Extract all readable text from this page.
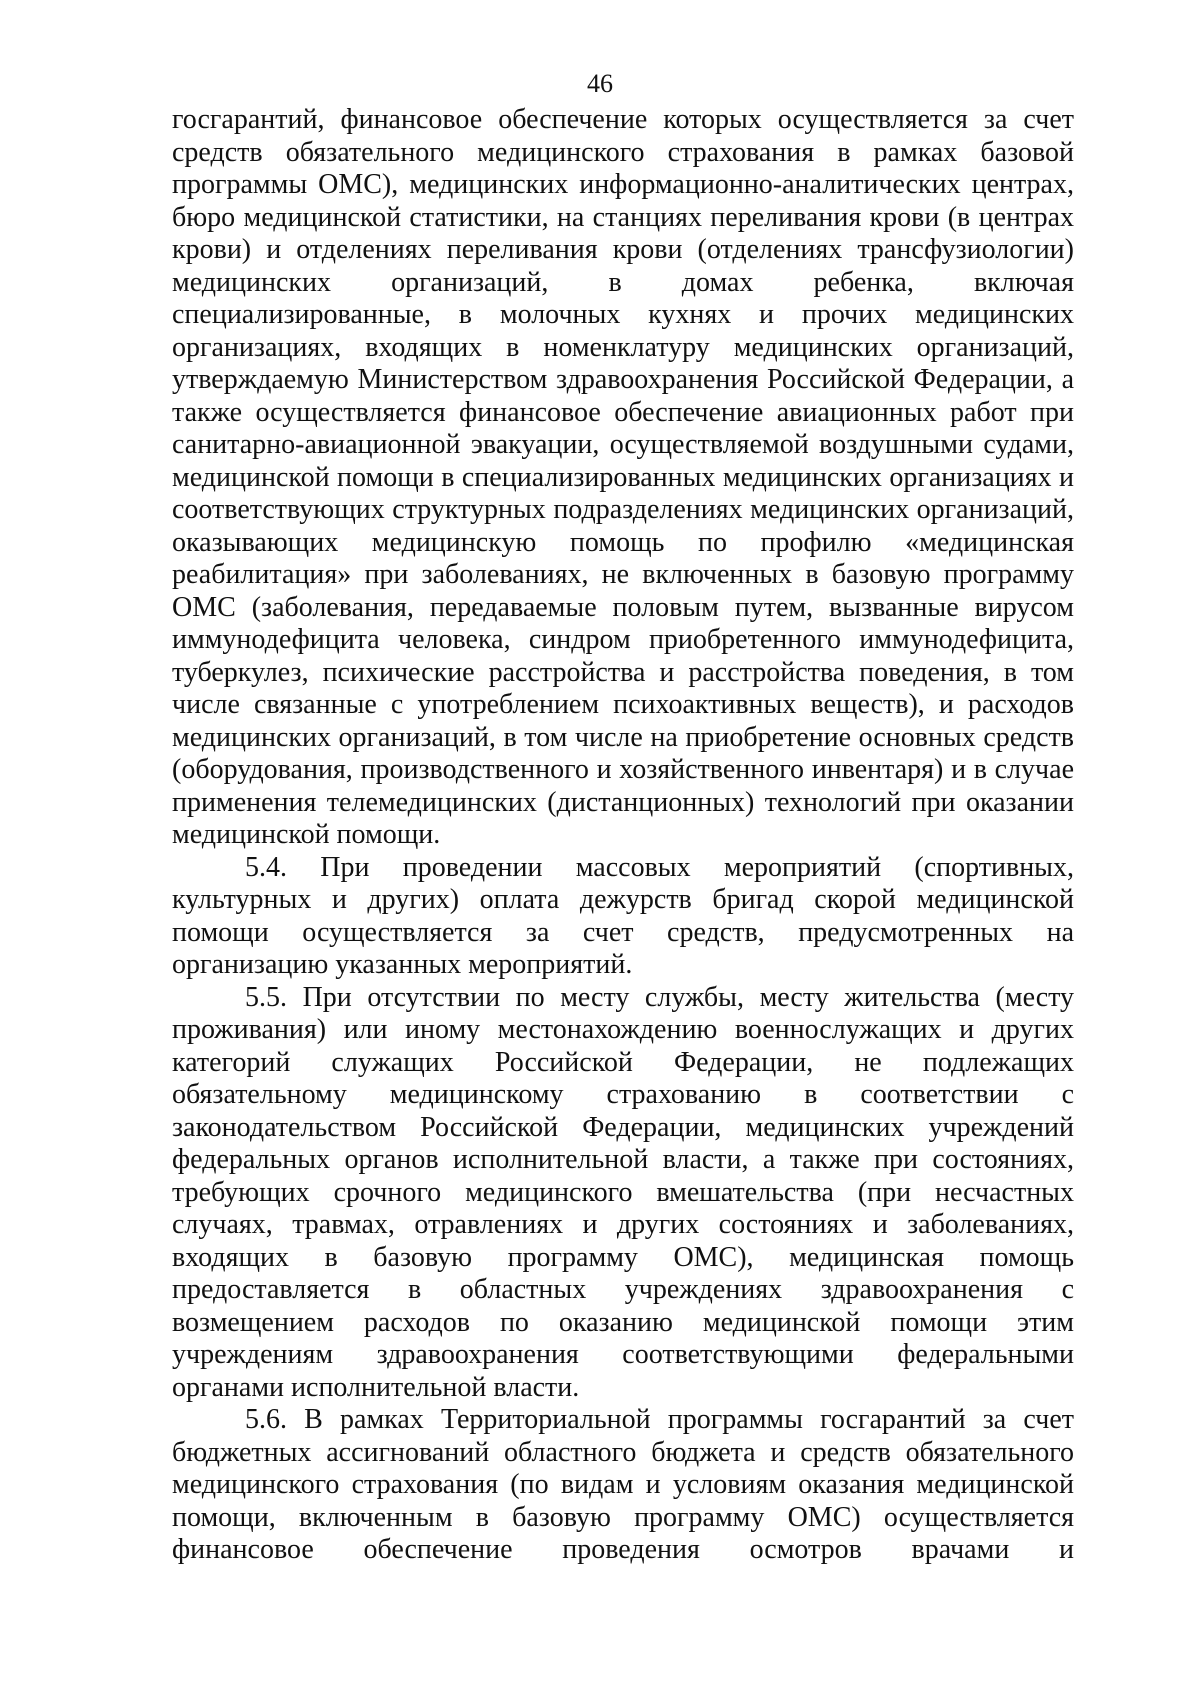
46

госгарантий, финансовое обеспечение которых осуществляется за счет средств обязательного медицинского страхования в рамках базовой программы ОМС), медицинских информационно-аналитических центрах, бюро медицинской статистики, на станциях переливания крови (в центрах крови) и отделениях переливания крови (отделениях трансфузиологии) медицинских организаций, в домах ребенка, включая специализированные, в молочных кухнях и прочих медицинских организациях, входящих в номенклатуру медицинских организаций, утверждаемую Министерством здравоохранения Российской Федерации, а также осуществляется финансовое обеспечение авиационных работ при санитарно-авиационной эвакуации, осуществляемой воздушными судами, медицинской помощи в специализированных медицинских организациях и соответствующих структурных подразделениях медицинских организаций, оказывающих медицинскую помощь по профилю «медицинская реабилитация» при заболеваниях, не включенных в базовую программу ОМС (заболевания, передаваемые половым путем, вызванные вирусом иммунодефицита человека, синдром приобретенного иммунодефицита, туберкулез, психические расстройства и расстройства поведения, в том числе связанные с употреблением психоактивных веществ), и расходов медицинских организаций, в том числе на приобретение основных средств (оборудования, производственного и хозяйственного инвентаря) и в случае применения телемедицинских (дистанционных) технологий при оказании медицинской помощи.

5.4. При проведении массовых мероприятий (спортивных, культурных и других) оплата дежурств бригад скорой медицинской помощи осуществляется за счет средств, предусмотренных на организацию указанных мероприятий.

5.5. При отсутствии по месту службы, месту жительства (месту проживания) или иному местонахождению военнослужащих и других категорий служащих Российской Федерации, не подлежащих обязательному медицинскому страхованию в соответствии с законодательством Российской Федерации, медицинских учреждений федеральных органов исполнительной власти, а также при состояниях, требующих срочного медицинского вмешательства (при несчастных случаях, травмах, отравлениях и других состояниях и заболеваниях, входящих в базовую программу ОМС), медицинская помощь предоставляется в областных учреждениях здравоохранения с возмещением расходов по оказанию медицинской помощи этим учреждениям здравоохранения соответствующими федеральными органами исполнительной власти.

5.6. В рамках Территориальной программы госгарантий за счет бюджетных ассигнований областного бюджета и средств обязательного медицинского страхования (по видам и условиям оказания медицинской помощи, включенным в базовую программу ОМС) осуществляется финансовое обеспечение проведения осмотров врачами и
